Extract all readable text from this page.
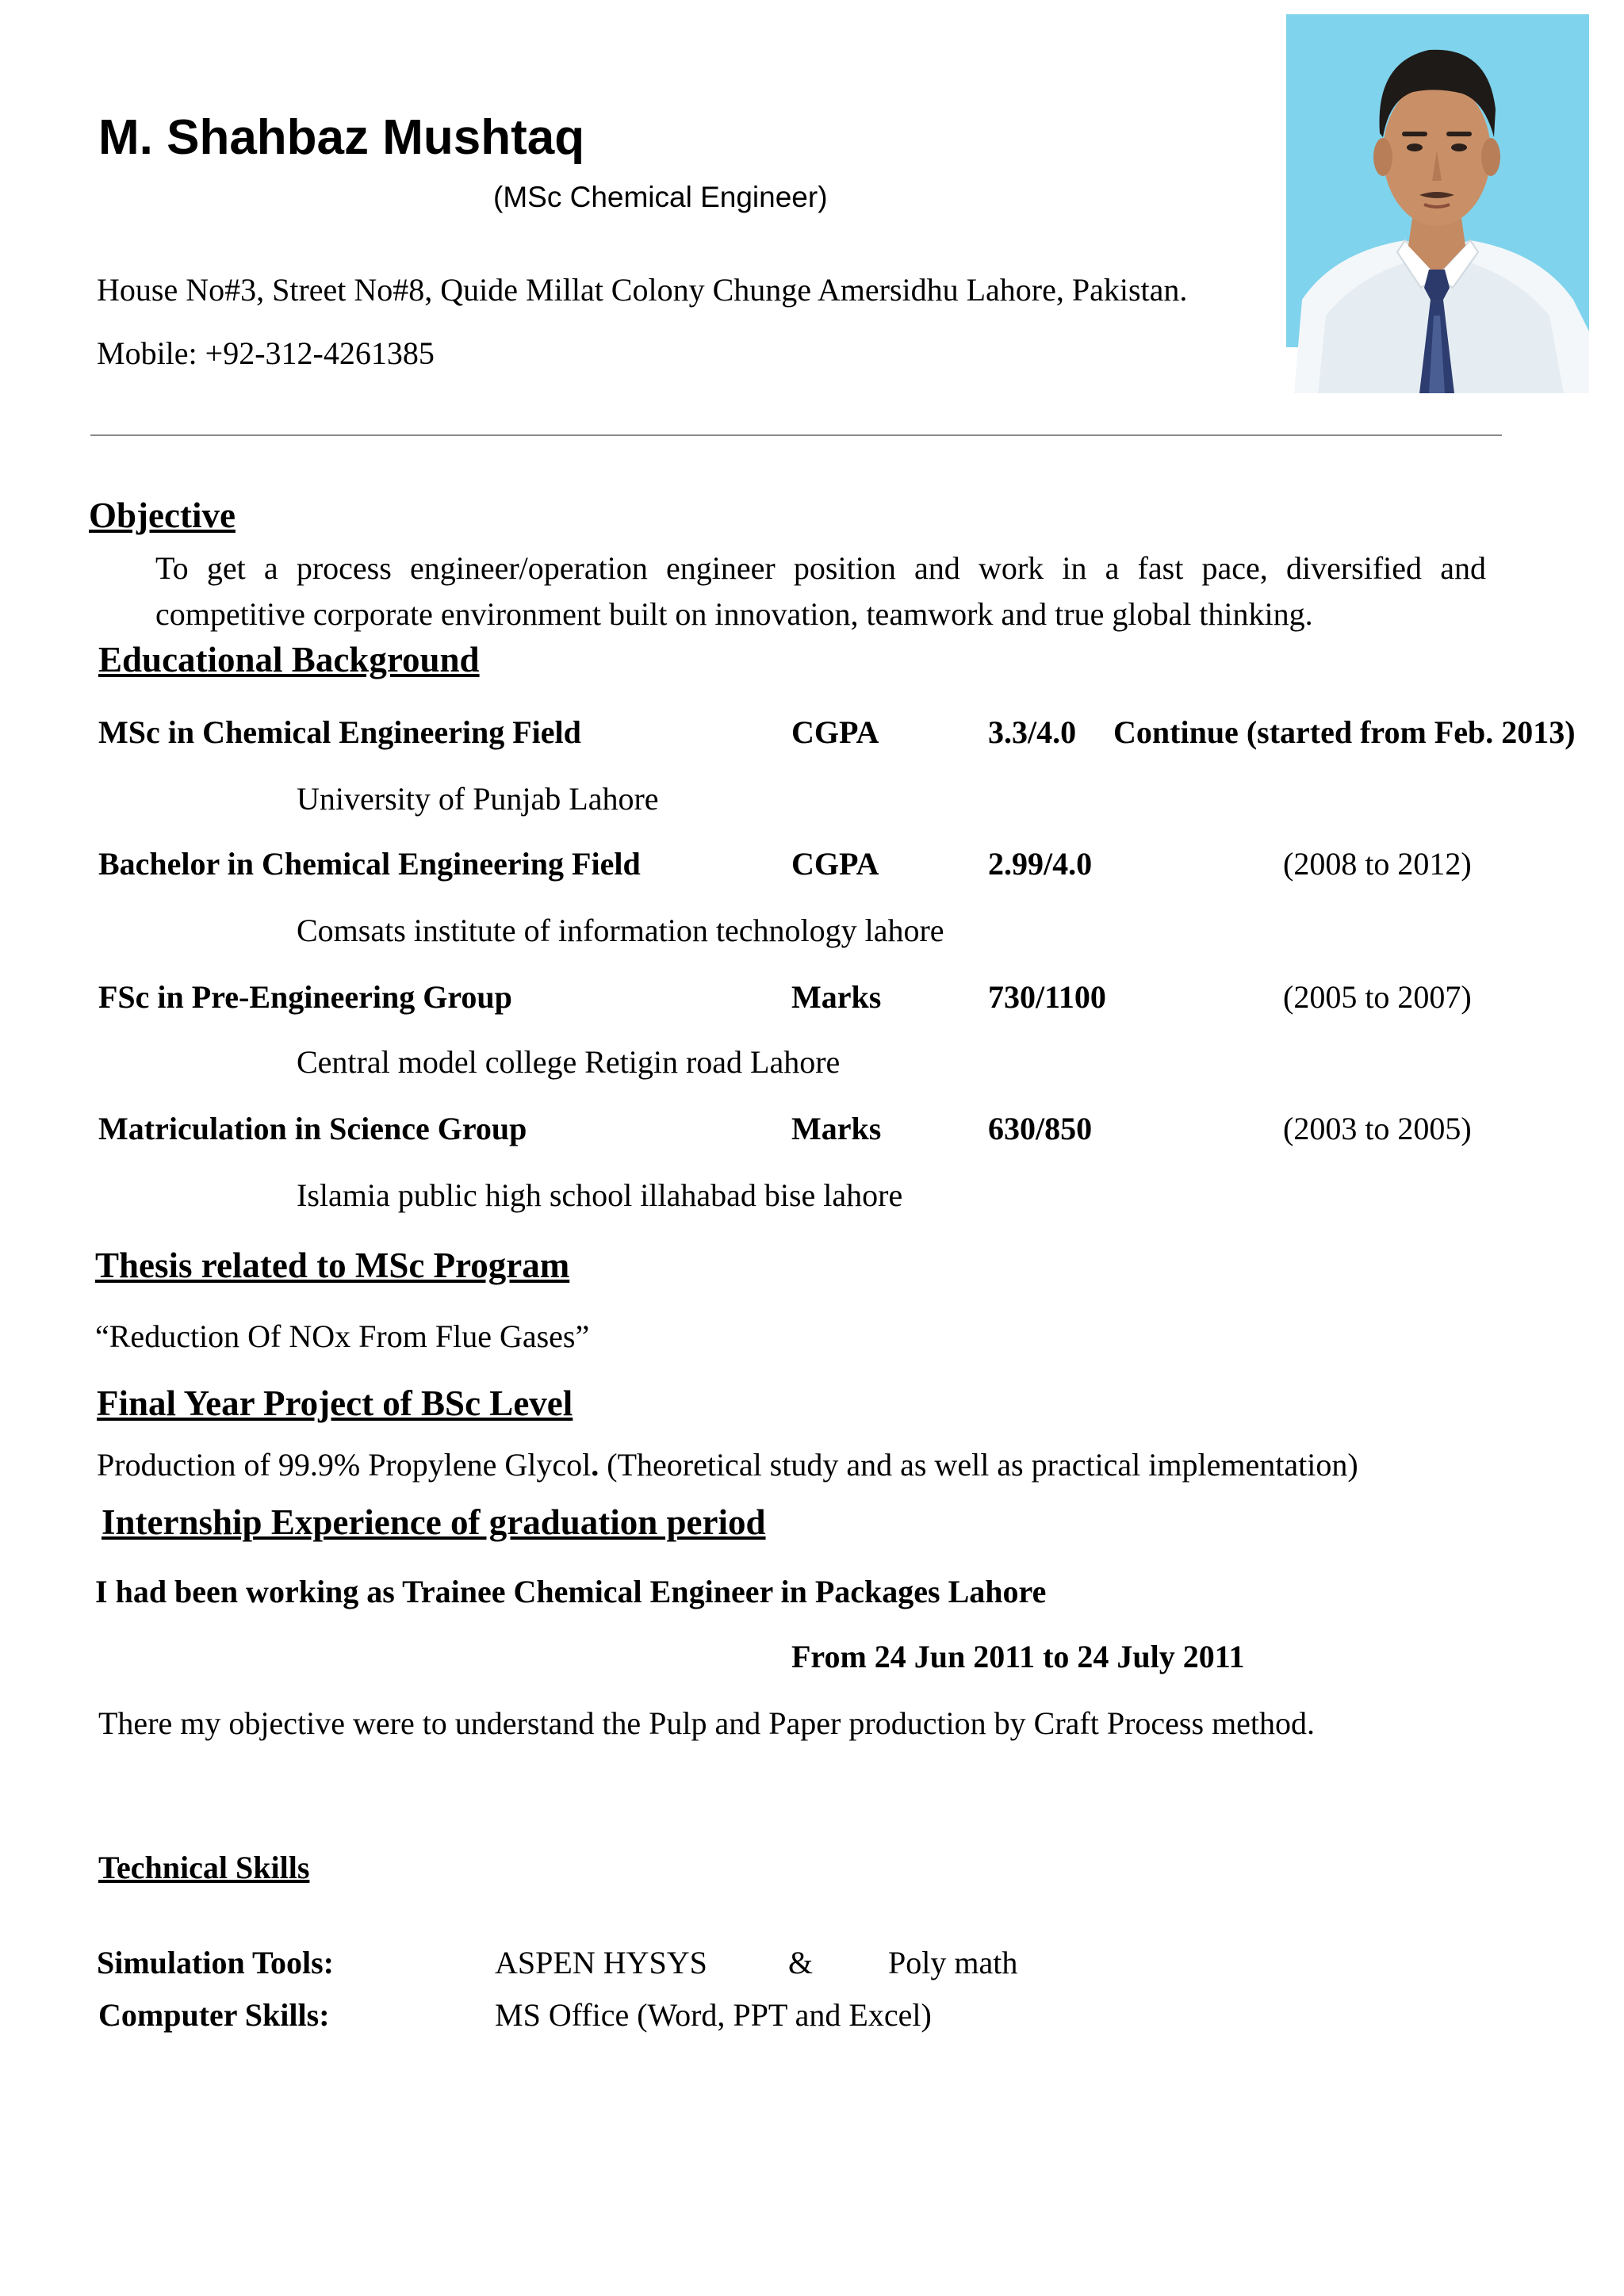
M. Shahbaz Mushtaq
(MSc Chemical Engineer)
House No#3, Street No#8, Quide Millat Colony Chunge Amersidhu Lahore, Pakistan.
Mobile: +92-312-4261385
Objective
To get a process engineer/operation engineer position and work in a fast pace, diversified and competitive corporate environment built on innovation, teamwork and true global thinking.
Educational Background
MSc in Chemical Engineering Field	CGPA	3.3/4.0 Continue (started from Feb. 2013)
University of Punjab Lahore
Bachelor in Chemical Engineering Field	CGPA	2.99/4.0	(2008 to 2012)
Comsats institute of information technology lahore
FSc in Pre-Engineering Group	Marks	730/1100	(2005 to 2007)
Central model college Retigin road Lahore
Matriculation in Science Group	Marks	630/850	(2003 to 2005)
Islamia public high school illahabad bise lahore
Thesis related to MSc Program
“Reduction Of NOx From Flue Gases”
Final Year Project of BSc Level
Production of 99.9% Propylene Glycol. (Theoretical study and as well as practical implementation)
Internship Experience of graduation period
I had been working as Trainee Chemical Engineer in Packages Lahore
From 24 Jun 2011 to 24 July 2011
There my objective were to understand the Pulp and Paper production by Craft Process method.
Technical Skills
Simulation Tools:	ASPEN HYSYS	& Poly math
Computer Skills:	MS Office (Word, PPT and Excel)
